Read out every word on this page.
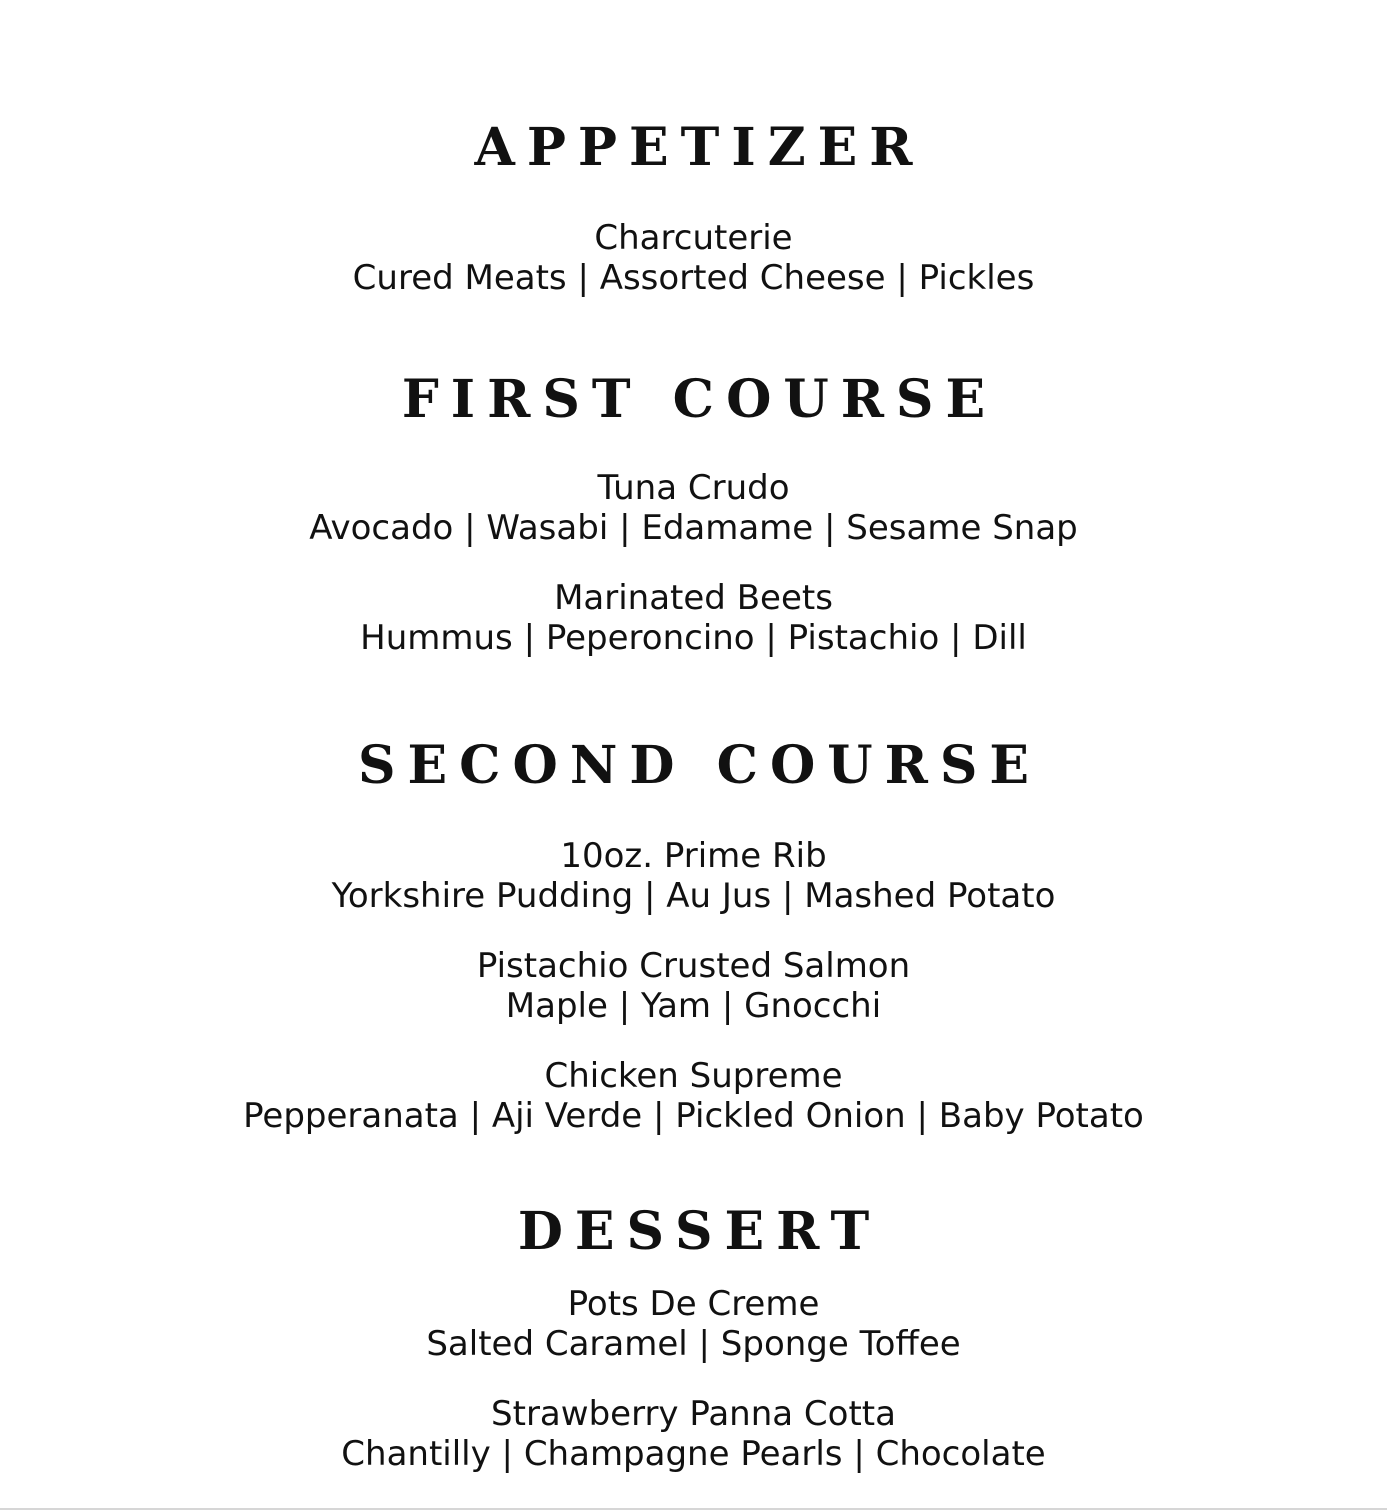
APPETIZER
Charcuterie
Cured Meats | Assorted Cheese | Pickles
FIRST COURSE
Tuna Crudo
Avocado | Wasabi | Edamame | Sesame Snap
Marinated Beets
Hummus | Peperoncino | Pistachio | Dill
SECOND COURSE
10oz. Prime Rib
Yorkshire Pudding | Au Jus | Mashed Potato
Pistachio Crusted Salmon
Maple | Yam | Gnocchi
Chicken Supreme
Pepperanata | Aji Verde | Pickled Onion | Baby Potato
DESSERT
Pots De Creme
Salted Caramel | Sponge Toffee
Strawberry Panna Cotta
Chantilly | Champagne Pearls | Chocolate
